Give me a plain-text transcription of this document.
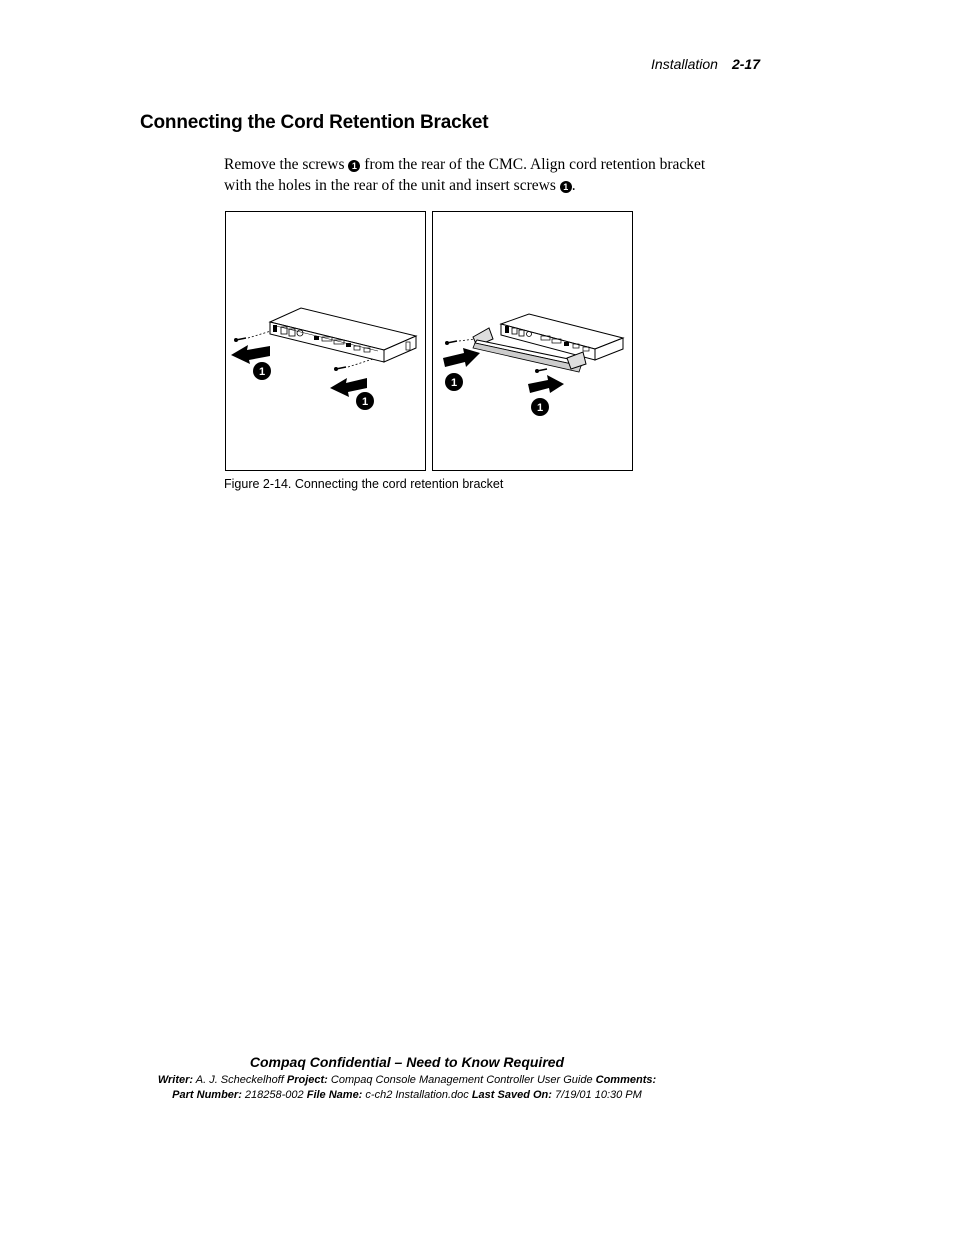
Installation 2-17
Connecting the Cord Retention Bracket
Remove the screws 1 from the rear of the CMC. Align cord retention bracket with the holes in the rear of the unit and insert screws 1 .
1
1
1
1
Figure 2-14. Connecting the cord retention bracket
Compaq Confidential – Need to Know Required
Writer: A. J. Scheckelhoff Project: Compaq Console Management Controller User Guide Comments:
Part Number: 218258-002 File Name: c-ch2 Installation.doc Last Saved On: 7/19/01 10:30 PM
